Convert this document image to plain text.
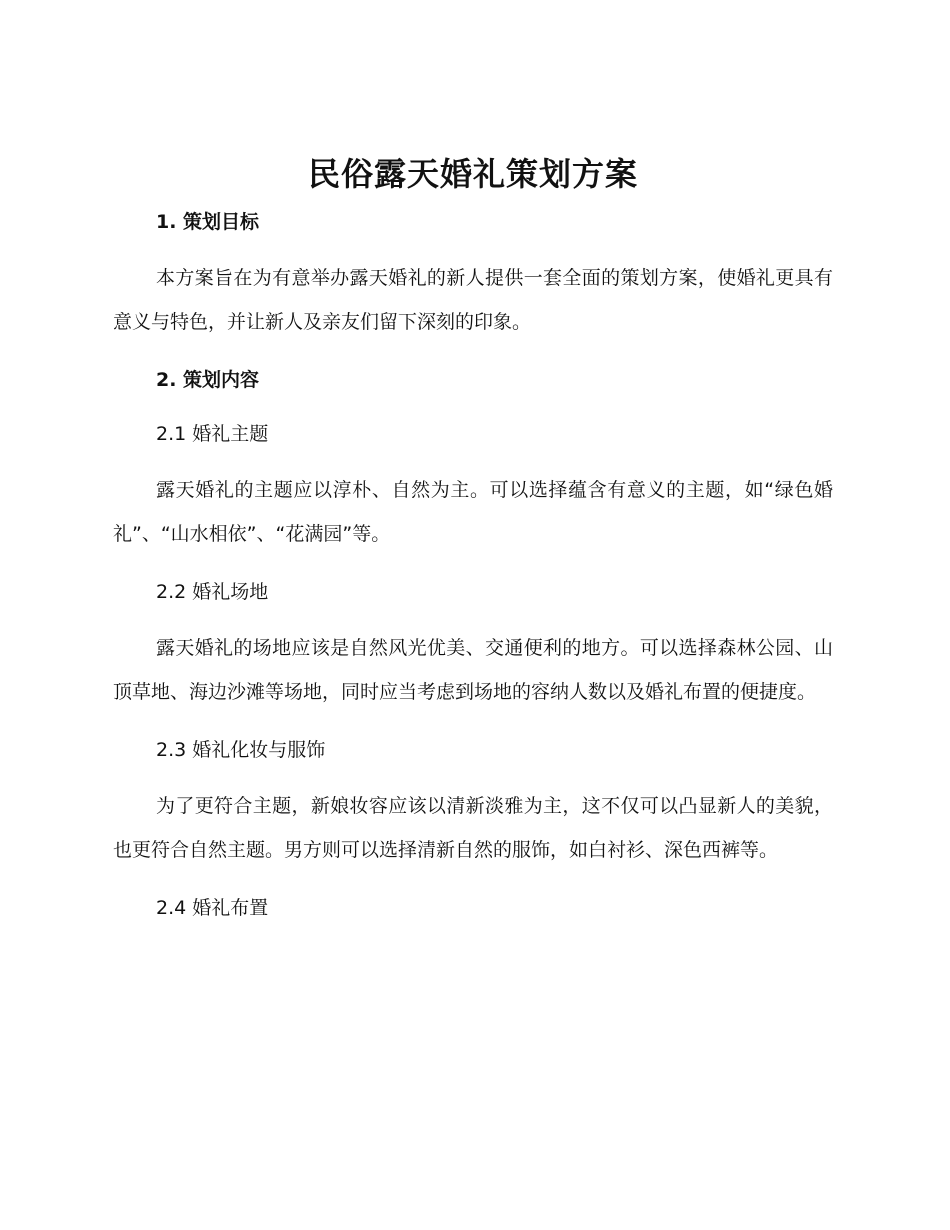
民俗露天婚礼策划方案
1. 策划目标

本方案旨在为有意举办露天婚礼的新人提供一套全面的策划方案，使婚礼更具有意义与特色，并让新人及亲友们留下深刻的印象。

2. 策划内容
2.1 婚礼主题

露天婚礼的主题应以淳朴、自然为主。可以选择蕴含有意义的主题，如“绿色婚礼”、“山水相依”、“花满园”等。

2.2 婚礼场地

露天婚礼的场地应该是自然风光优美、交通便利的地方。可以选择森林公园、山顶草地、海边沙滩等场地，同时应当考虑到场地的容纳人数以及婚礼布置的便捷度。

2.3 婚礼化妆与服饰

为了更符合主题，新娘妆容应该以清新淡雅为主，这不仅可以凸显新人的美貌，也更符合自然主题。男方则可以选择清新自然的服饰，如白衬衫、深色西裤等。

2.4 婚礼布置
